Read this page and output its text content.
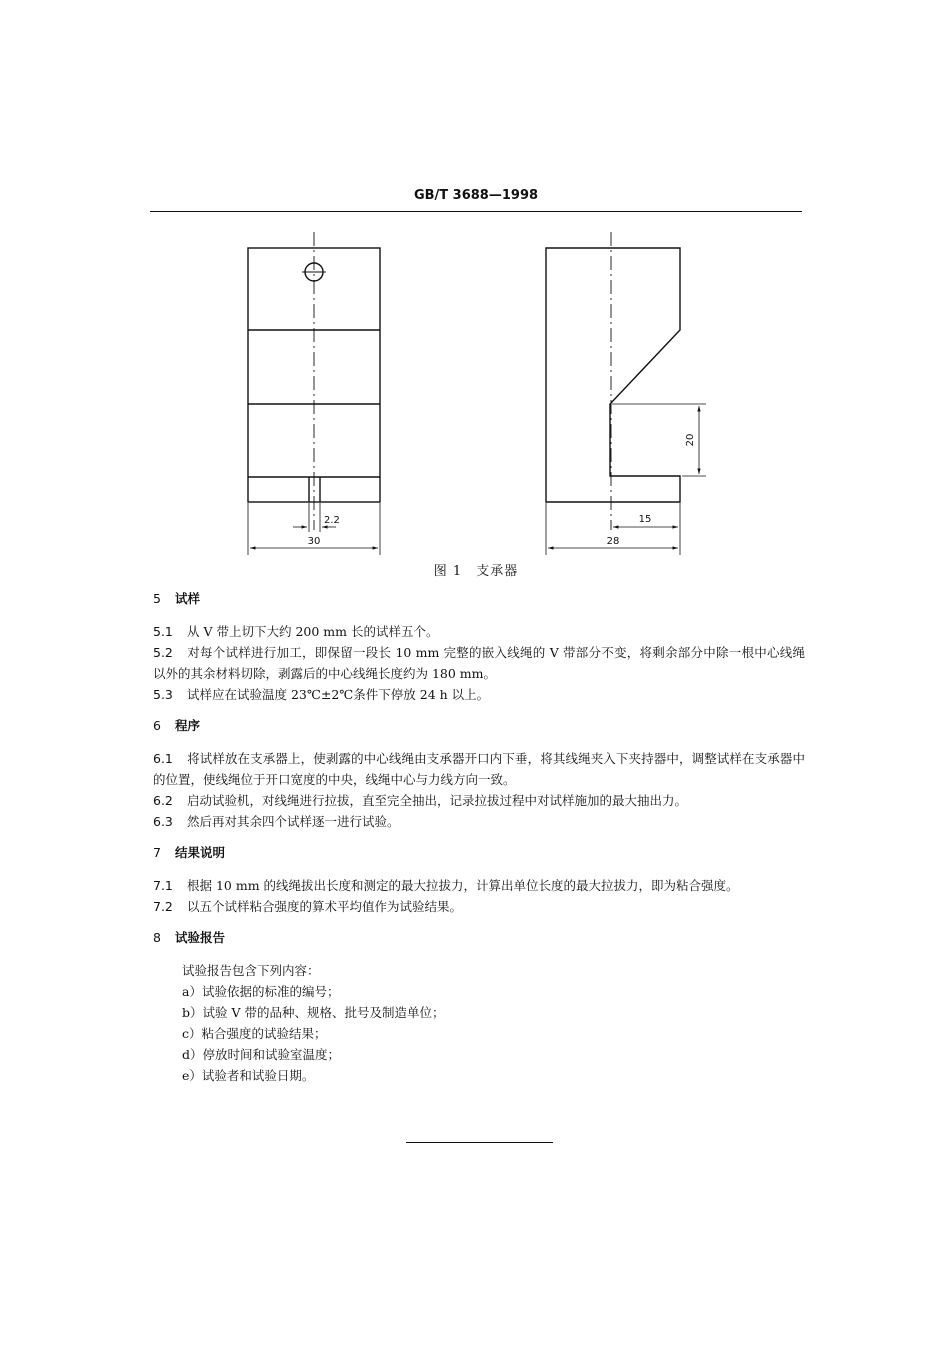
GB/T 3688—1998
2.2
30
20
15
28
图 1　支承器
5 试样
5.1 从 V 带上切下大约 200 mm 长的试样五个。
5.2 对每个试样进行加工，即保留一段长 10 mm 完整的嵌入线绳的 V 带部分不变，将剩余部分中除一根中心线绳以外的其余材料切除，剥露后的中心线绳长度约为 180 mm。
5.3 试样应在试验温度 23℃±2℃条件下停放 24 h 以上。
6 程序
6.1 将试样放在支承器上，使剥露的中心线绳由支承器开口内下垂，将其线绳夹入下夹持器中，调整试样在支承器中的位置，使线绳位于开口宽度的中央，线绳中心与力线方向一致。
6.2 启动试验机，对线绳进行拉拔，直至完全抽出，记录拉拔过程中对试样施加的最大抽出力。
6.3 然后再对其余四个试样逐一进行试验。
7 结果说明
7.1 根据 10 mm 的线绳拔出长度和测定的最大拉拔力，计算出单位长度的最大拉拔力，即为粘合强度。
7.2 以五个试样粘合强度的算术平均值作为试验结果。
8 试验报告
试验报告包含下列内容：
a）试验依据的标准的编号；
b）试验 V 带的品种、规格、批号及制造单位；
c）粘合强度的试验结果；
d）停放时间和试验室温度；
e）试验者和试验日期。
